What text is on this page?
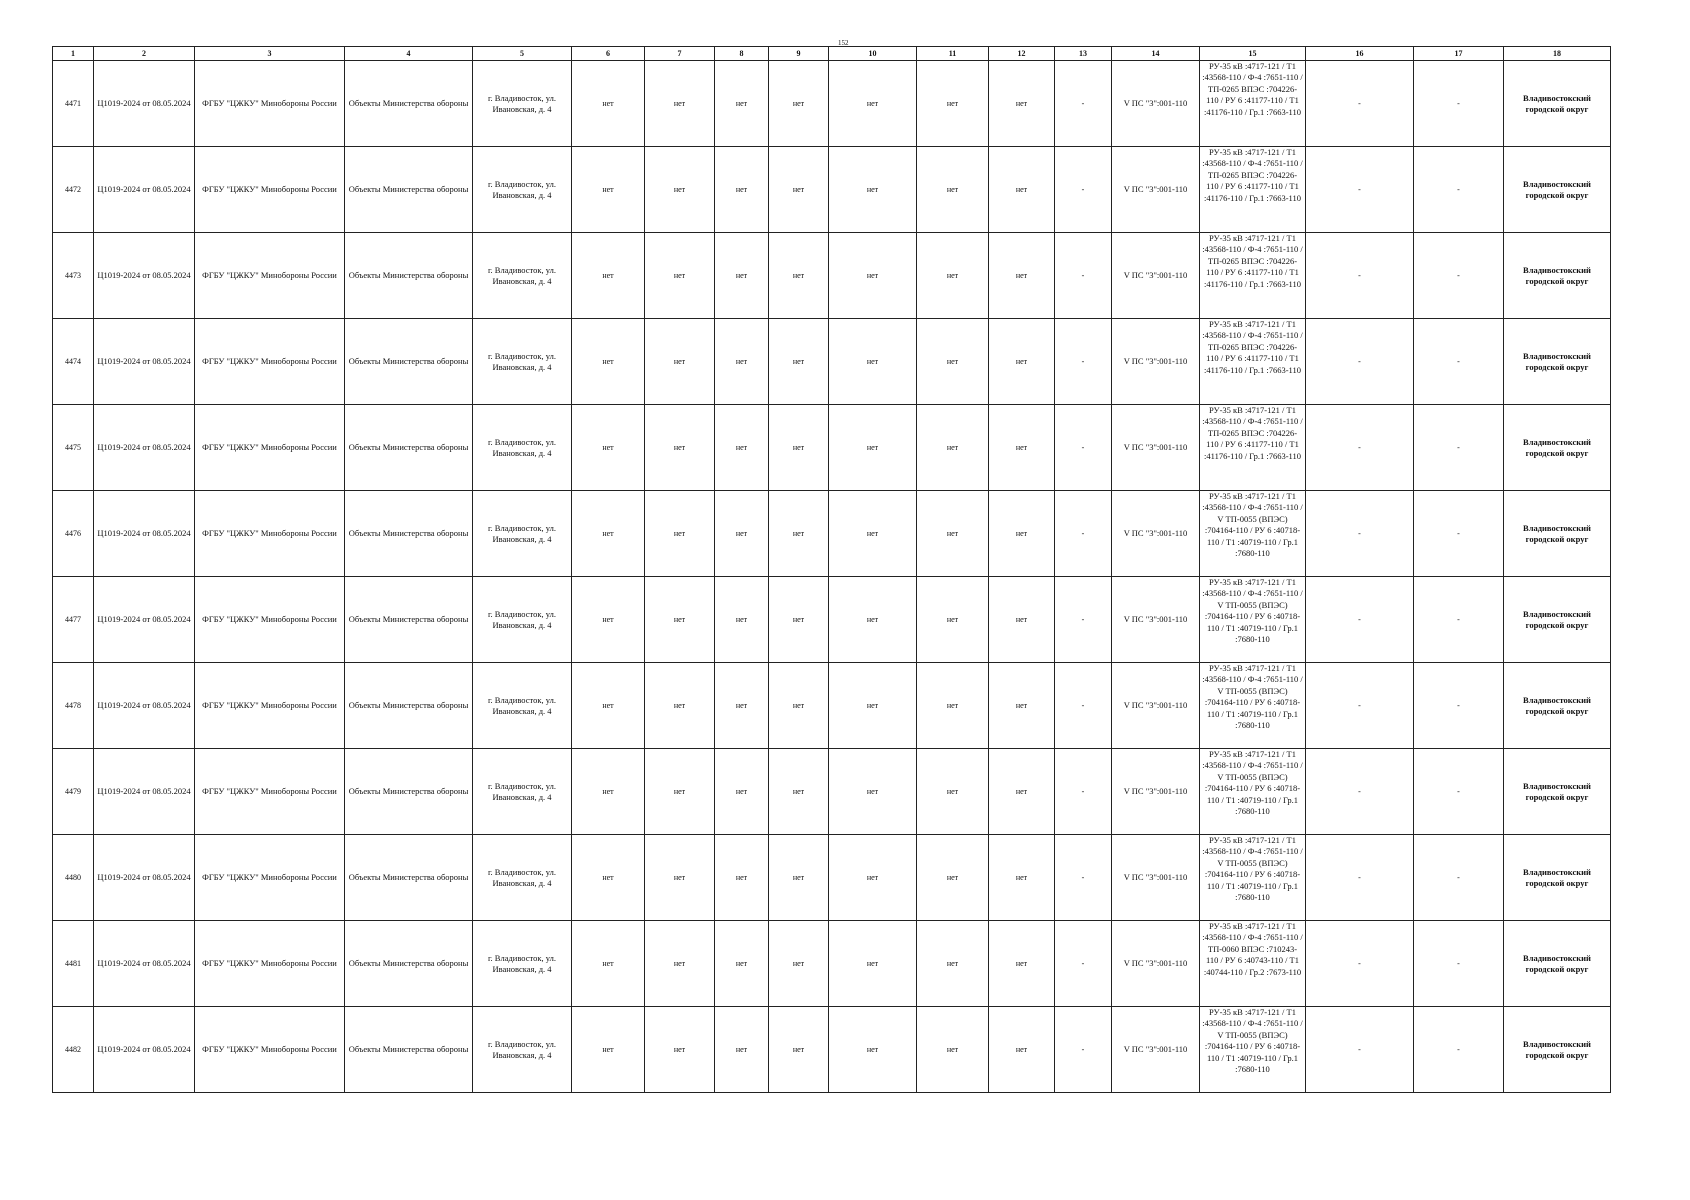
152
1	2	3	4	5	6	7	8	9	10	11	12	13	14	15	16	17	18
4471	Ц1019-2024 от 08.05.2024	ФГБУ "ЦЖКУ" Минобороны России	Объекты Министерства обороны	г. Владивосток, ул. Ивановская, д. 4	нет	нет	нет	нет	нет	нет	нет	-	V ПС "3":001-110	РУ-35 кВ :4717-121 / Т1 :43568-110 / Ф-4 :7651-110 / ТП-0265 ВПЭС :704226-110 / РУ 6 :41177-110 / Т1 :41176-110 / Гр.1 :7663-110	-	-	Владивостокский городской округ
4472	Ц1019-2024 от 08.05.2024	ФГБУ "ЦЖКУ" Минобороны России	Объекты Министерства обороны	г. Владивосток, ул. Ивановская, д. 4	нет	нет	нет	нет	нет	нет	нет	-	V ПС "3":001-110	РУ-35 кВ :4717-121 / Т1 :43568-110 / Ф-4 :7651-110 / ТП-0265 ВПЭС :704226-110 / РУ 6 :41177-110 / Т1 :41176-110 / Гр.1 :7663-110	-	-	Владивостокский городской округ
4473	Ц1019-2024 от 08.05.2024	ФГБУ "ЦЖКУ" Минобороны России	Объекты Министерства обороны	г. Владивосток, ул. Ивановская, д. 4	нет	нет	нет	нет	нет	нет	нет	-	V ПС "3":001-110	РУ-35 кВ :4717-121 / Т1 :43568-110 / Ф-4 :7651-110 / ТП-0265 ВПЭС :704226-110 / РУ 6 :41177-110 / Т1 :41176-110 / Гр.1 :7663-110	-	-	Владивостокский городской округ
4474	Ц1019-2024 от 08.05.2024	ФГБУ "ЦЖКУ" Минобороны России	Объекты Министерства обороны	г. Владивосток, ул. Ивановская, д. 4	нет	нет	нет	нет	нет	нет	нет	-	V ПС "3":001-110	РУ-35 кВ :4717-121 / Т1 :43568-110 / Ф-4 :7651-110 / ТП-0265 ВПЭС :704226-110 / РУ 6 :41177-110 / Т1 :41176-110 / Гр.1 :7663-110	-	-	Владивостокский городской округ
4475	Ц1019-2024 от 08.05.2024	ФГБУ "ЦЖКУ" Минобороны России	Объекты Министерства обороны	г. Владивосток, ул. Ивановская, д. 4	нет	нет	нет	нет	нет	нет	нет	-	V ПС "3":001-110	РУ-35 кВ :4717-121 / Т1 :43568-110 / Ф-4 :7651-110 / ТП-0265 ВПЭС :704226-110 / РУ 6 :41177-110 / Т1 :41176-110 / Гр.1 :7663-110	-	-	Владивостокский городской округ
4476	Ц1019-2024 от 08.05.2024	ФГБУ "ЦЖКУ" Минобороны России	Объекты Министерства обороны	г. Владивосток, ул. Ивановская, д. 4	нет	нет	нет	нет	нет	нет	нет	-	V ПС "3":001-110	РУ-35 кВ :4717-121 / Т1 :43568-110 / Ф-4 :7651-110 / V ТП-0055 (ВПЭС) :704164-110 / РУ 6 :40718-110 / Т1 :40719-110 / Гр.1 :7680-110	-	-	Владивостокский городской округ
4477	Ц1019-2024 от 08.05.2024	ФГБУ "ЦЖКУ" Минобороны России	Объекты Министерства обороны	г. Владивосток, ул. Ивановская, д. 4	нет	нет	нет	нет	нет	нет	нет	-	V ПС "3":001-110	РУ-35 кВ :4717-121 / Т1 :43568-110 / Ф-4 :7651-110 / V ТП-0055 (ВПЭС) :704164-110 / РУ 6 :40718-110 / Т1 :40719-110 / Гр.1 :7680-110	-	-	Владивостокский городской округ
4478	Ц1019-2024 от 08.05.2024	ФГБУ "ЦЖКУ" Минобороны России	Объекты Министерства обороны	г. Владивосток, ул. Ивановская, д. 4	нет	нет	нет	нет	нет	нет	нет	-	V ПС "3":001-110	РУ-35 кВ :4717-121 / Т1 :43568-110 / Ф-4 :7651-110 / V ТП-0055 (ВПЭС) :704164-110 / РУ 6 :40718-110 / Т1 :40719-110 / Гр.1 :7680-110	-	-	Владивостокский городской округ
4479	Ц1019-2024 от 08.05.2024	ФГБУ "ЦЖКУ" Минобороны России	Объекты Министерства обороны	г. Владивосток, ул. Ивановская, д. 4	нет	нет	нет	нет	нет	нет	нет	-	V ПС "3":001-110	РУ-35 кВ :4717-121 / Т1 :43568-110 / Ф-4 :7651-110 / V ТП-0055 (ВПЭС) :704164-110 / РУ 6 :40718-110 / Т1 :40719-110 / Гр.1 :7680-110	-	-	Владивостокский городской округ
4480	Ц1019-2024 от 08.05.2024	ФГБУ "ЦЖКУ" Минобороны России	Объекты Министерства обороны	г. Владивосток, ул. Ивановская, д. 4	нет	нет	нет	нет	нет	нет	нет	-	V ПС "3":001-110	РУ-35 кВ :4717-121 / Т1 :43568-110 / Ф-4 :7651-110 / V ТП-0055 (ВПЭС) :704164-110 / РУ 6 :40718-110 / Т1 :40719-110 / Гр.1 :7680-110	-	-	Владивостокский городской округ
4481	Ц1019-2024 от 08.05.2024	ФГБУ "ЦЖКУ" Минобороны России	Объекты Министерства обороны	г. Владивосток, ул. Ивановская, д. 4	нет	нет	нет	нет	нет	нет	нет	-	V ПС "3":001-110	РУ-35 кВ :4717-121 / Т1 :43568-110 / Ф-4 :7651-110 / ТП-0060 ВПЭС :710243-110 / РУ 6 :40743-110 / Т1 :40744-110 / Гр.2 :7673-110	-	-	Владивостокский городской округ
4482	Ц1019-2024 от 08.05.2024	ФГБУ "ЦЖКУ" Минобороны России	Объекты Министерства обороны	г. Владивосток, ул. Ивановская, д. 4	нет	нет	нет	нет	нет	нет	нет	-	V ПС "3":001-110	РУ-35 кВ :4717-121 / Т1 :43568-110 / Ф-4 :7651-110 / V ТП-0055 (ВПЭС) :704164-110 / РУ 6 :40718-110 / Т1 :40719-110 / Гр.1 :7680-110	-	-	Владивостокский городской округ
